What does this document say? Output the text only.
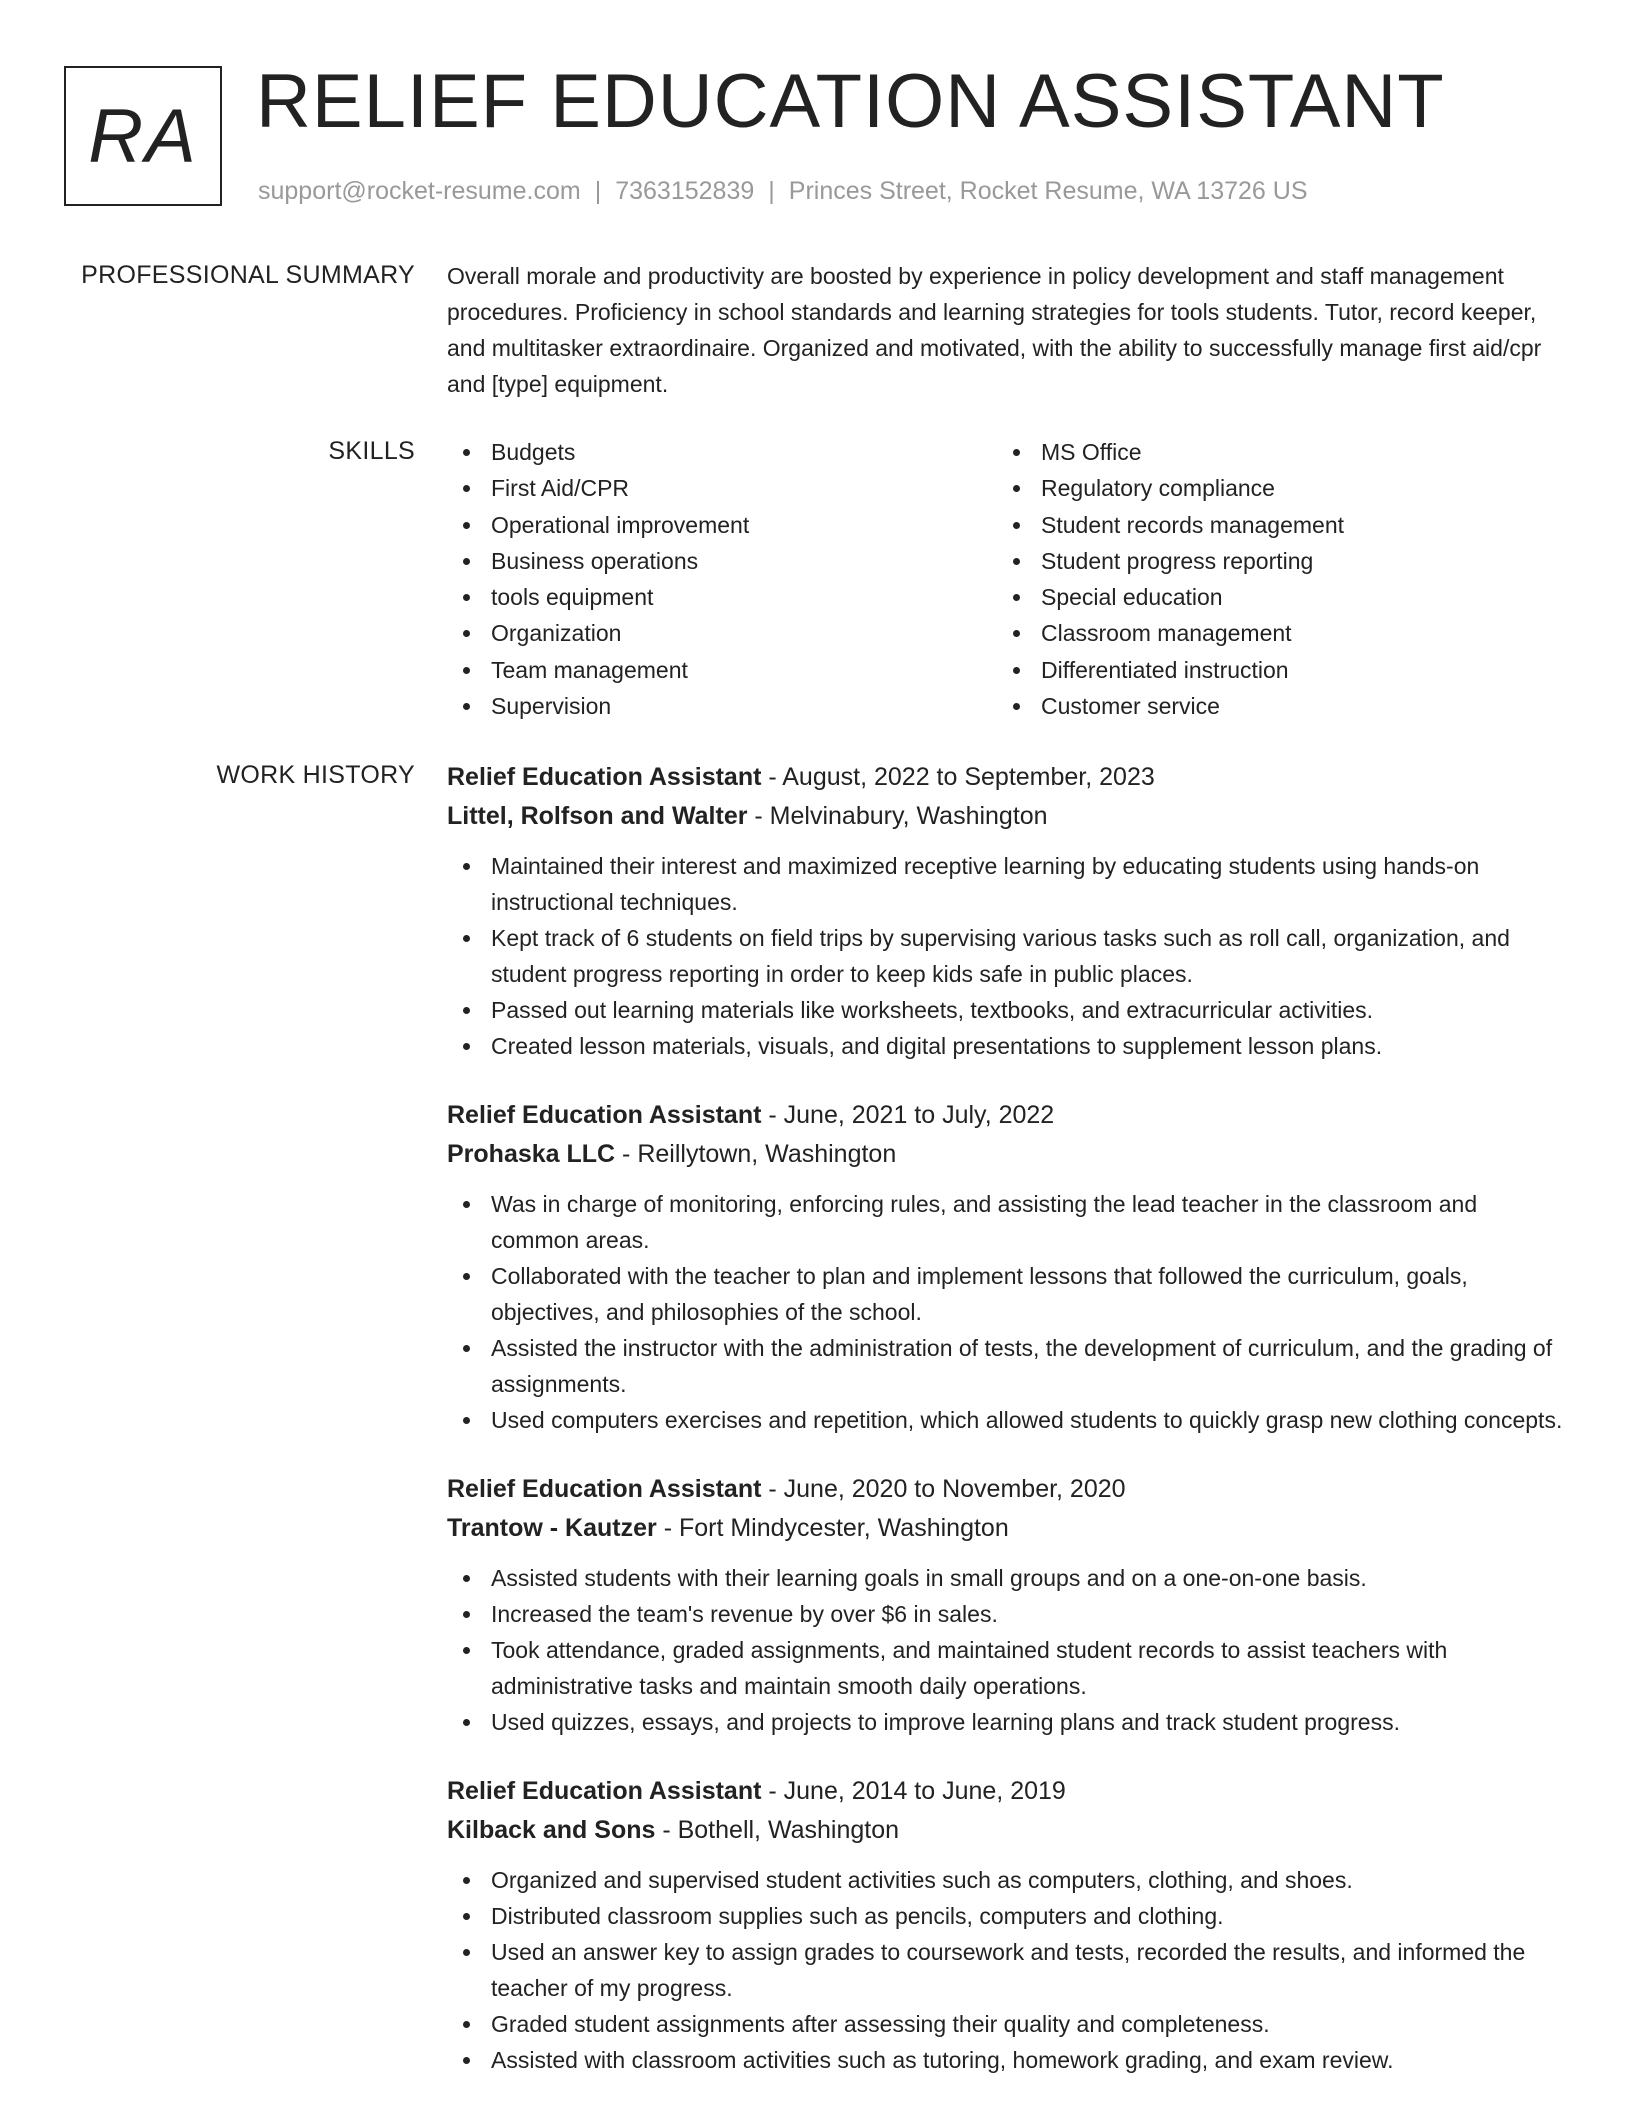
RA RELIEF EDUCATION ASSISTANT
support@rocket-resume.com | 7363152839 | Princes Street, Rocket Resume, WA 13726 US
PROFESSIONAL SUMMARY Overall morale and productivity are boosted by experience in policy development and staff management procedures. Proficiency in school standards and learning strategies for tools students. Tutor, record keeper, and multitasker extraordinaire. Organized and motivated, with the ability to successfully manage first aid/cpr and [type] equipment.

SKILLS	Budgets
First Aid/CPR
Operational improvement
Business operations
tools equipment
Organization
Team management
Supervision
MS Office
Regulatory compliance
Student records management
Student progress reporting
Special education
Classroom management
Differentiated instruction
Customer service
WORK HISTORY Relief Education Assistant - August, 2022 to September, 2023
Littel, Rolfson and Walter - Melvinabury, Washington
Maintained their interest and maximized receptive learning by educating students using hands-on instructional techniques.
Kept track of 6 students on field trips by supervising various tasks such as roll call, organization, and student progress reporting in order to keep kids safe in public places.
Passed out learning materials like worksheets, textbooks, and extracurricular activities.
Created lesson materials, visuals, and digital presentations to supplement lesson plans.
Relief Education Assistant - June, 2021 to July, 2022
Prohaska LLC - Reillytown, Washington
Was in charge of monitoring, enforcing rules, and assisting the lead teacher in the classroom and common areas.
Collaborated with the teacher to plan and implement lessons that followed the curriculum, goals, objectives, and philosophies of the school.
Assisted the instructor with the administration of tests, the development of curriculum, and the grading of assignments.
Used computers exercises and repetition, which allowed students to quickly grasp new clothing concepts.
Relief Education Assistant - June, 2020 to November, 2020
Trantow - Kautzer - Fort Mindycester, Washington
Assisted students with their learning goals in small groups and on a one-on-one basis.
Increased the team's revenue by over $6 in sales.
Took attendance, graded assignments, and maintained student records to assist teachers with administrative tasks and maintain smooth daily operations.
Used quizzes, essays, and projects to improve learning plans and track student progress.
Relief Education Assistant - June, 2014 to June, 2019
Kilback and Sons - Bothell, Washington
Organized and supervised student activities such as computers, clothing, and shoes.
Distributed classroom supplies such as pencils, computers and clothing.
Used an answer key to assign grades to coursework and tests, recorded the results, and informed the teacher of my progress.
Graded student assignments after assessing their quality and completeness.
Assisted with classroom activities such as tutoring, homework grading, and exam review.
